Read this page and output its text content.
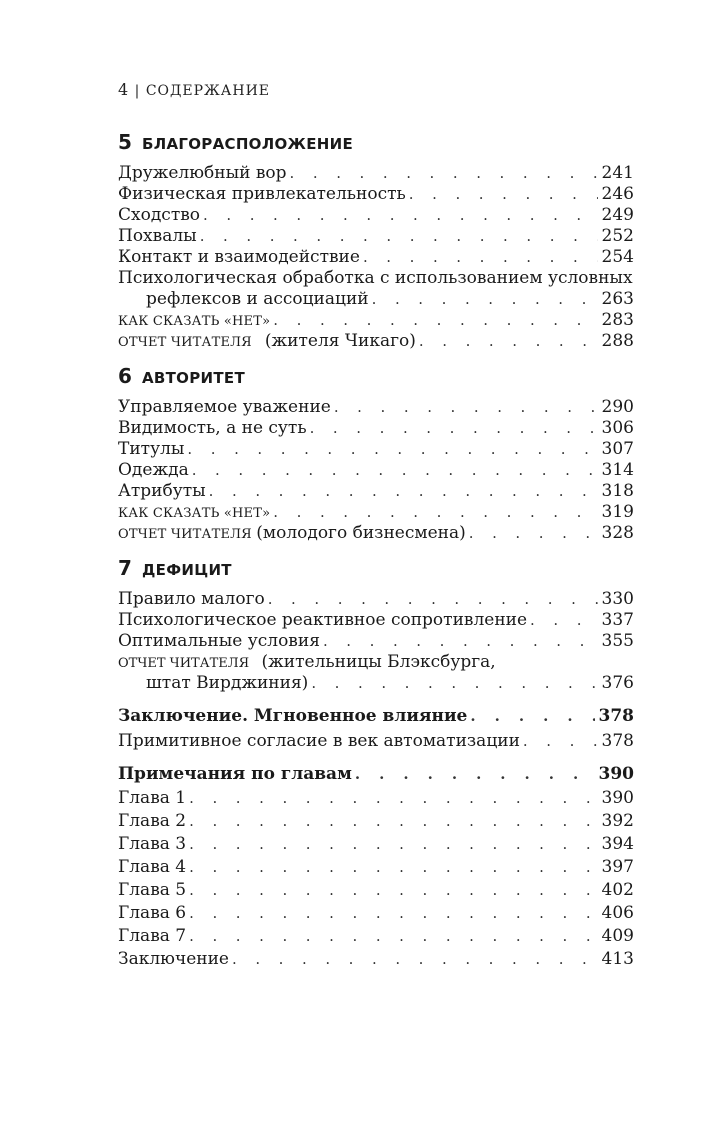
4 | СОДЕРЖАНИЕ
5 БЛАГОРАСПОЛОЖЕНИЕ
Дружелюбный вор . . .	241
Физическая привлекательность . . .	246
Сходство . . .	249
Похвалы . . .	252
Контакт и взаимодействие . . .	254
Психологическая обработка с использованием условных
рефлексов и ассоциаций . . .	263
КАК СКАЗАТЬ «НЕТ» . . .	283
ОТЧЕТ ЧИТАТЕЛЯ (жителя Чикаго) . . .	288
6 АВТОРИТЕТ
Управляемое уважение . . .	290
Видимость, а не суть . . .	306
Титулы . . .	307
Одежда . . .	314
Атрибуты . . .	318
КАК СКАЗАТЬ «НЕТ» . . .	319
ОТЧЕТ ЧИТАТЕЛЯ (молодого бизнесмена) . . .	328
7 ДЕФИЦИТ
Правило малого . . .	330
Психологическое реактивное сопротивление . . .	337
Оптимальные условия . . .	355
ОТЧЕТ ЧИТАТЕЛЯ (жительницы Блэксбурга,
штат Вирджиния) . . .	376
Заключение. Мгновенное влияние . . .	378
Примитивное согласие в век автоматизации . . .	378
Примечания по главам . . .	390
Глава 1 . . .	390
Глава 2 . . .	392
Глава 3 . . .	394
Глава 4 . . .	397
Глава 5 . . .	402
Глава 6 . . .	406
Глава 7 . . .	409
Заключение . . .	413
